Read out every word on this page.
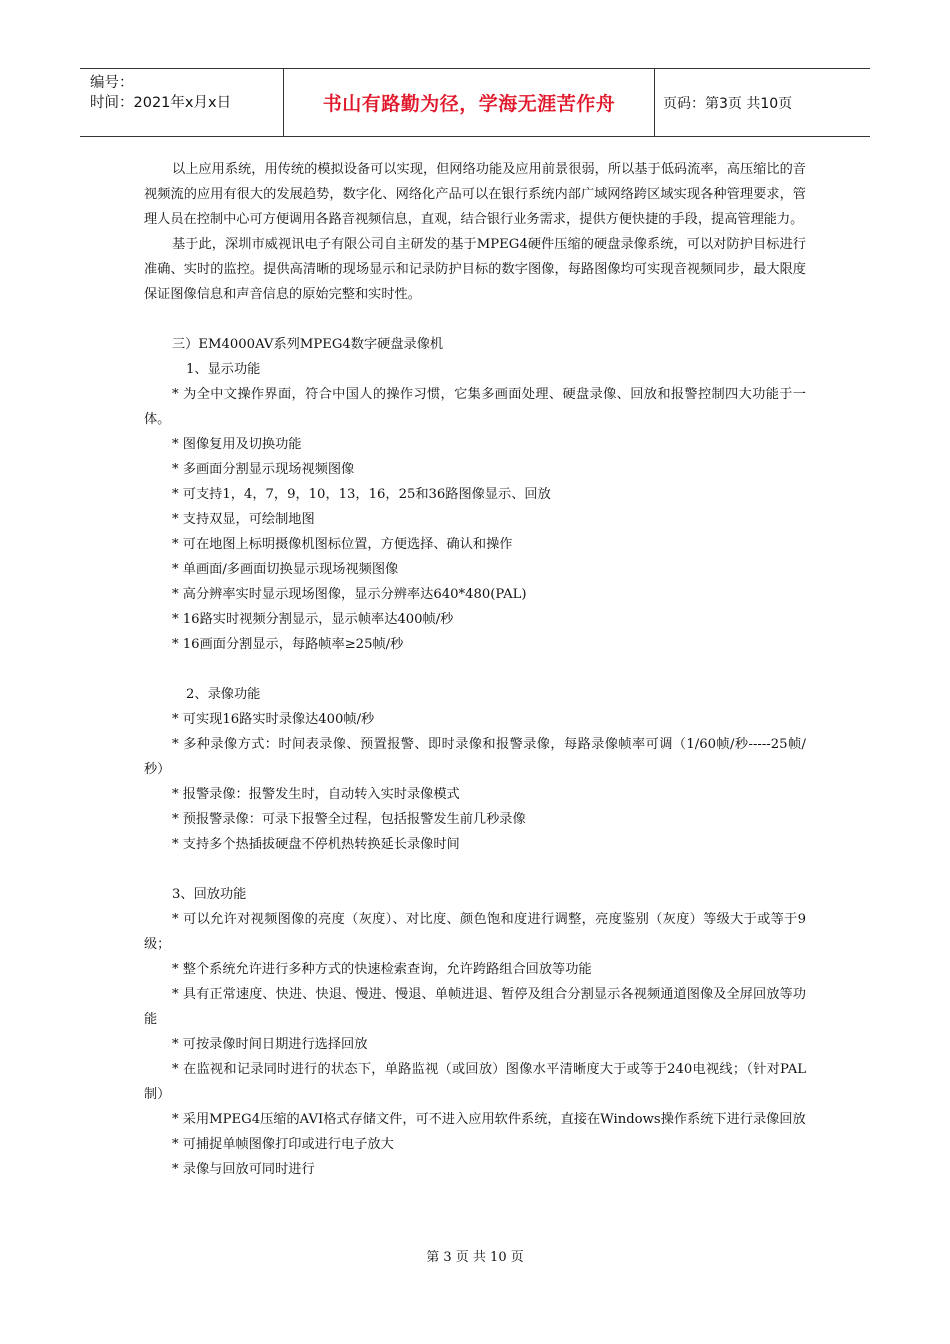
编号：
时间：2021年x月x日	书山有路勤为径，学海无涯苦作舟	页码：第3页 共10页

以上应用系统，用传统的模拟设备可以实现，但网络功能及应用前景很弱，所以基于低码流率，高压缩比的音视频流的应用有很大的发展趋势，数字化、网络化产品可以在银行系统内部广域网络跨区域实现各种管理要求，管理人员在控制中心可方便调用各路音视频信息，直观，结合银行业务需求，提供方便快捷的手段，提高管理能力。

基于此，深圳市威视讯电子有限公司自主研发的基于MPEG4硬件压缩的硬盘录像系统，可以对防护目标进行准确、实时的监控。提供高清晰的现场显示和记录防护目标的数字图像，每路图像均可实现音视频同步，最大限度保证图像信息和声音信息的原始完整和实时性。

三）EM4000AV系列MPEG4数字硬盘录像机

1、显示功能

* 为全中文操作界面，符合中国人的操作习惯，它集多画面处理、硬盘录像、回放和报警控制四大功能于一体。

* 图像复用及切换功能

* 多画面分割显示现场视频图像

* 可支持1，4，7，9，10，13，16，25和36路图像显示、回放

* 支持双显，可绘制地图

* 可在地图上标明摄像机图标位置，方便选择、确认和操作

* 单画面/多画面切换显示现场视频图像

* 高分辨率实时显示现场图像，显示分辨率达640*480(PAL)

* 16路实时视频分割显示，显示帧率达400帧/秒

* 16画面分割显示，每路帧率≥25帧/秒

2、录像功能

* 可实现16路实时录像达400帧/秒

* 多种录像方式：时间表录像、预置报警、即时录像和报警录像，每路录像帧率可调（1/60帧/秒-----25帧/秒）

* 报警录像：报警发生时，自动转入实时录像模式

* 预报警录像：可录下报警全过程，包括报警发生前几秒录像

* 支持多个热插拔硬盘不停机热转换延长录像时间

3、回放功能

* 可以允许对视频图像的亮度（灰度）、对比度、颜色饱和度进行调整，亮度鉴别（灰度）等级大于或等于9级；

* 整个系统允许进行多种方式的快速检索查询，允许跨路组合回放等功能

* 具有正常速度、快进、快退、慢进、慢退、单帧进退、暂停及组合分割显示各视频通道图像及全屏回放等功能

* 可按录像时间日期进行选择回放

* 在监视和记录同时进行的状态下，单路监视（或回放）图像水平清晰度大于或等于240电视线；（针对PAL制）

* 采用MPEG4压缩的AVI格式存储文件，可不进入应用软件系统，直接在Windows操作系统下进行录像回放

* 可捕捉单帧图像打印或进行电子放大

* 录像与回放可同时进行

第 3 页 共 10 页
